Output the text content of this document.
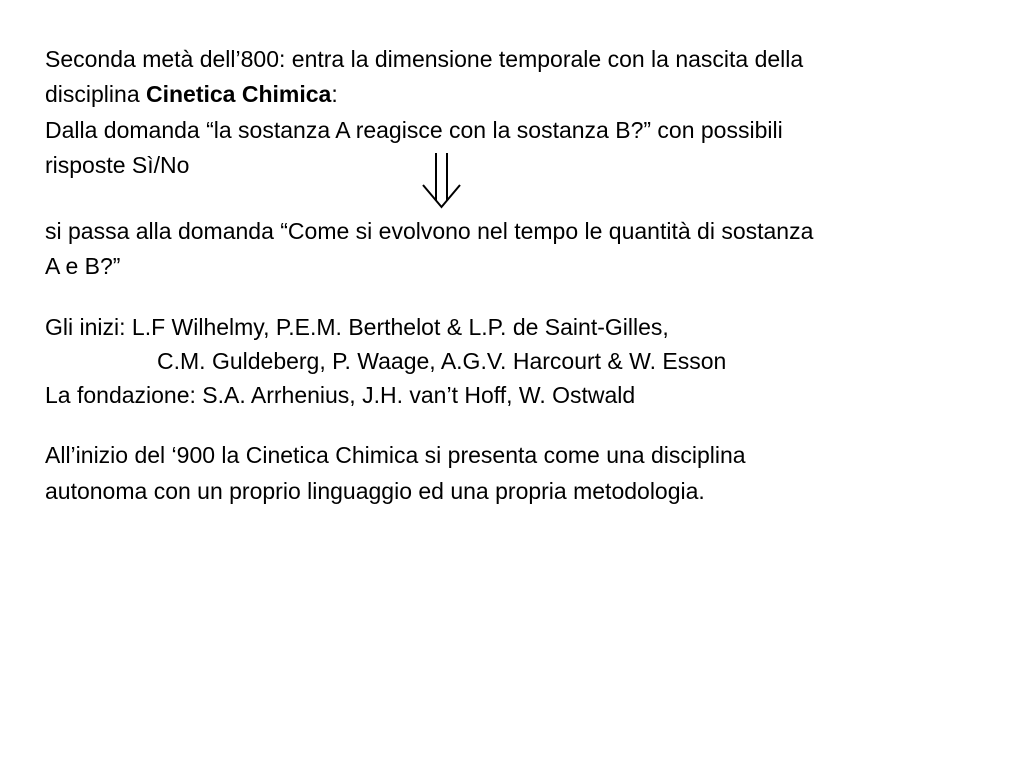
Seconda metà dell’800: entra la dimensione temporale con la nascita della
disciplina Cinetica Chimica:
Dalla domanda “la sostanza A reagisce con la sostanza B?” con possibili
risposte Sì/No
si passa alla domanda “Come si evolvono nel tempo le quantità di sostanza
A e B?”
Gli inizi: L.F Wilhelmy, P.E.M. Berthelot & L.P. de Saint-Gilles,
C.M. Guldeberg, P. Waage, A.G.V. Harcourt & W. Esson
La fondazione: S.A. Arrhenius, J.H. van’t Hoff, W. Ostwald
All’inizio del ‘900 la Cinetica Chimica si presenta come una disciplina
autonoma con un proprio linguaggio ed una propria metodologia.
